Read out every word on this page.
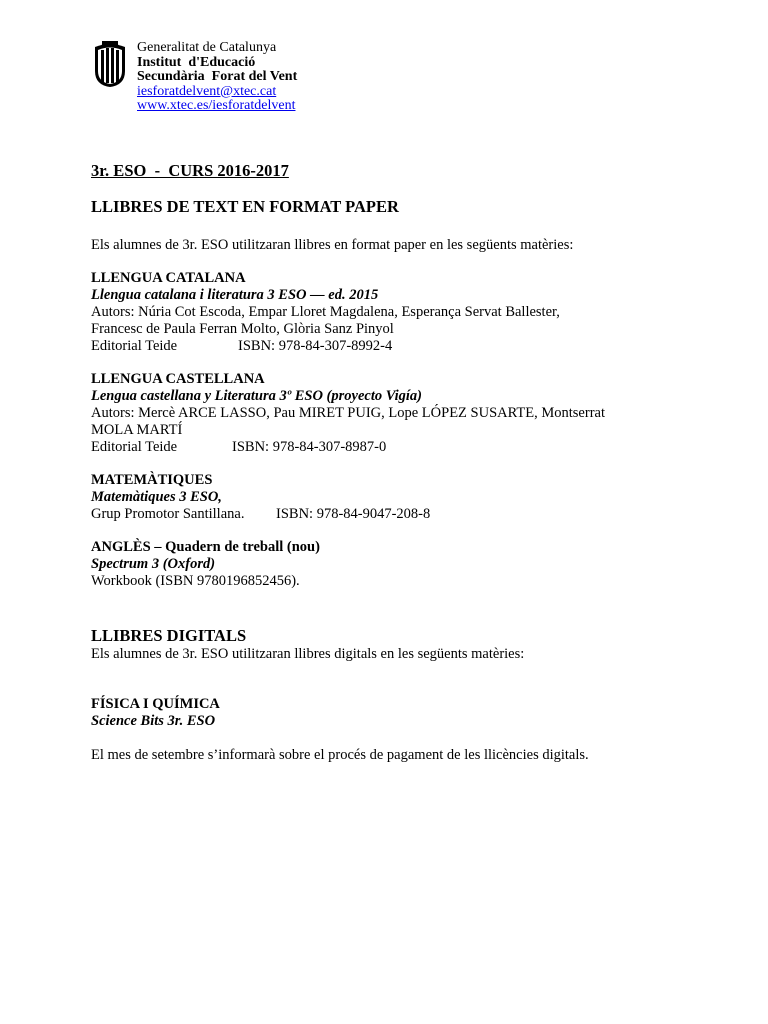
Generalitat de Catalunya
Institut  d'Educació
Secundària  Forat del Vent
iesforatdelvent@xtec.cat
www.xtec.es/iesforatdelvent
3r. ESO  -  CURS 2016-2017
LLIBRES DE TEXT EN FORMAT PAPER
Els alumnes de 3r. ESO utilitzaran llibres en format paper en les següents matèries:
LLENGUA CATALANA
Llengua catalana i literatura 3 ESO — ed. 2015
Autors: Núria Cot Escoda, Empar Lloret Magdalena, Esperança Servat Ballester,
Francesc de Paula Ferran Molto, Glòria Sanz Pinyol
Editorial Teide	ISBN: 978-84-307-8992-4
LLENGUA CASTELLANA
Lengua castellana y Literatura 3º ESO (proyecto Vigía)
Autors: Mercè ARCE LASSO, Pau MIRET PUIG, Lope LÓPEZ SUSARTE, Montserrat
MOLA MARTÍ
Editorial Teide	ISBN: 978-84-307-8987-0
MATEMÀTIQUES
Matemàtiques 3 ESO,
Grup Promotor Santillana. ISBN: 978-84-9047-208-8
ANGLÈS – Quadern de treball (nou)
Spectrum 3 (Oxford)
Workbook (ISBN 9780196852456).
LLIBRES DIGITALS
Els alumnes de 3r. ESO utilitzaran llibres digitals en les següents matèries:
FÍSICA I QUÍMICA
Science Bits 3r. ESO
El mes de setembre s’informarà sobre el procés de pagament de les llicències digitals.
